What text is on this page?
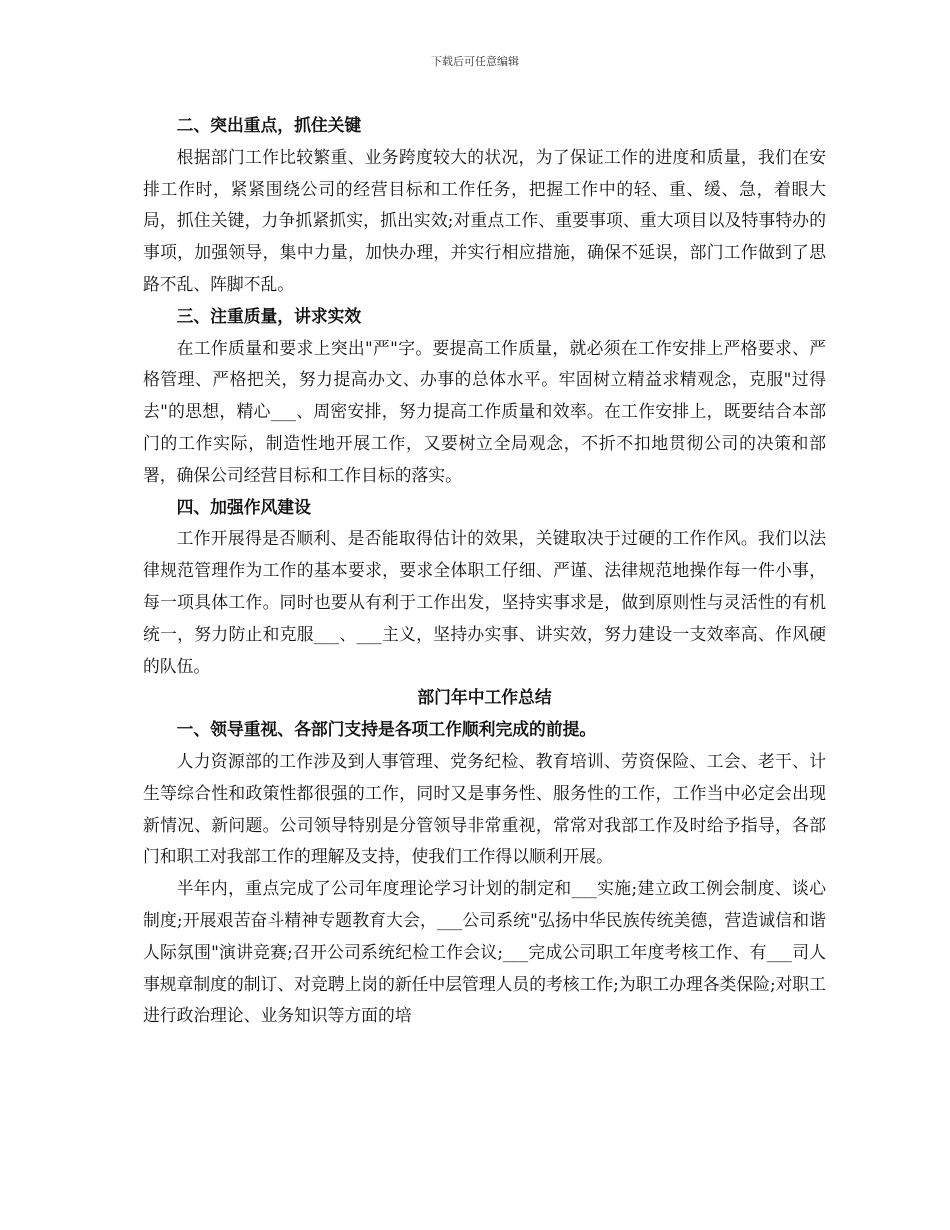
下载后可任意编辑

二、突出重点，抓住关键

根据部门工作比较繁重、业务跨度较大的状况，为了保证工作的进度和质量，我们在安排工作时，紧紧围绕公司的经营目标和工作任务，把握工作中的轻、重、缓、急，着眼大局，抓住关键，力争抓紧抓实，抓出实效;对重点工作、重要事项、重大项目以及特事特办的事项，加强领导，集中力量，加快办理，并实行相应措施，确保不延误，部门工作做到了思路不乱、阵脚不乱。

三、注重质量，讲求实效

在工作质量和要求上突出"严"字。要提高工作质量，就必须在工作安排上严格要求、严格管理、严格把关，努力提高办文、办事的总体水平。牢固树立精益求精观念，克服"过得去"的思想，精心___、周密安排，努力提高工作质量和效率。在工作安排上，既要结合本部门的工作实际，制造性地开展工作，又要树立全局观念，不折不扣地贯彻公司的决策和部署，确保公司经营目标和工作目标的落实。

四、加强作风建设

工作开展得是否顺利、是否能取得估计的效果，关键取决于过硬的工作作风。我们以法律规范管理作为工作的基本要求，要求全体职工仔细、严谨、法律规范地操作每一件小事，每一项具体工作。同时也要从有利于工作出发，坚持实事求是，做到原则性与灵活性的有机统一，努力防止和克服___、___主义，坚持办实事、讲实效，努力建设一支效率高、作风硬的队伍。

部门年中工作总结

一、领导重视、各部门支持是各项工作顺利完成的前提。

人力资源部的工作涉及到人事管理、党务纪检、教育培训、劳资保险、工会、老干、计生等综合性和政策性都很强的工作，同时又是事务性、服务性的工作，工作当中必定会出现新情况、新问题。公司领导特别是分管领导非常重视，常常对我部工作及时给予指导，各部门和职工对我部工作的理解及支持，使我们工作得以顺利开展。

半年内，重点完成了公司年度理论学习计划的制定和___实施;建立政工例会制度、谈心制度;开展艰苦奋斗精神专题教育大会，___公司系统"弘扬中华民族传统美德，营造诚信和谐人际氛围"演讲竞赛;召开公司系统纪检工作会议;___完成公司职工年度考核工作、有___司人事规章制度的制订、对竞聘上岗的新任中层管理人员的考核工作;为职工办理各类保险;对职工进行政治理论、业务知识等方面的培
